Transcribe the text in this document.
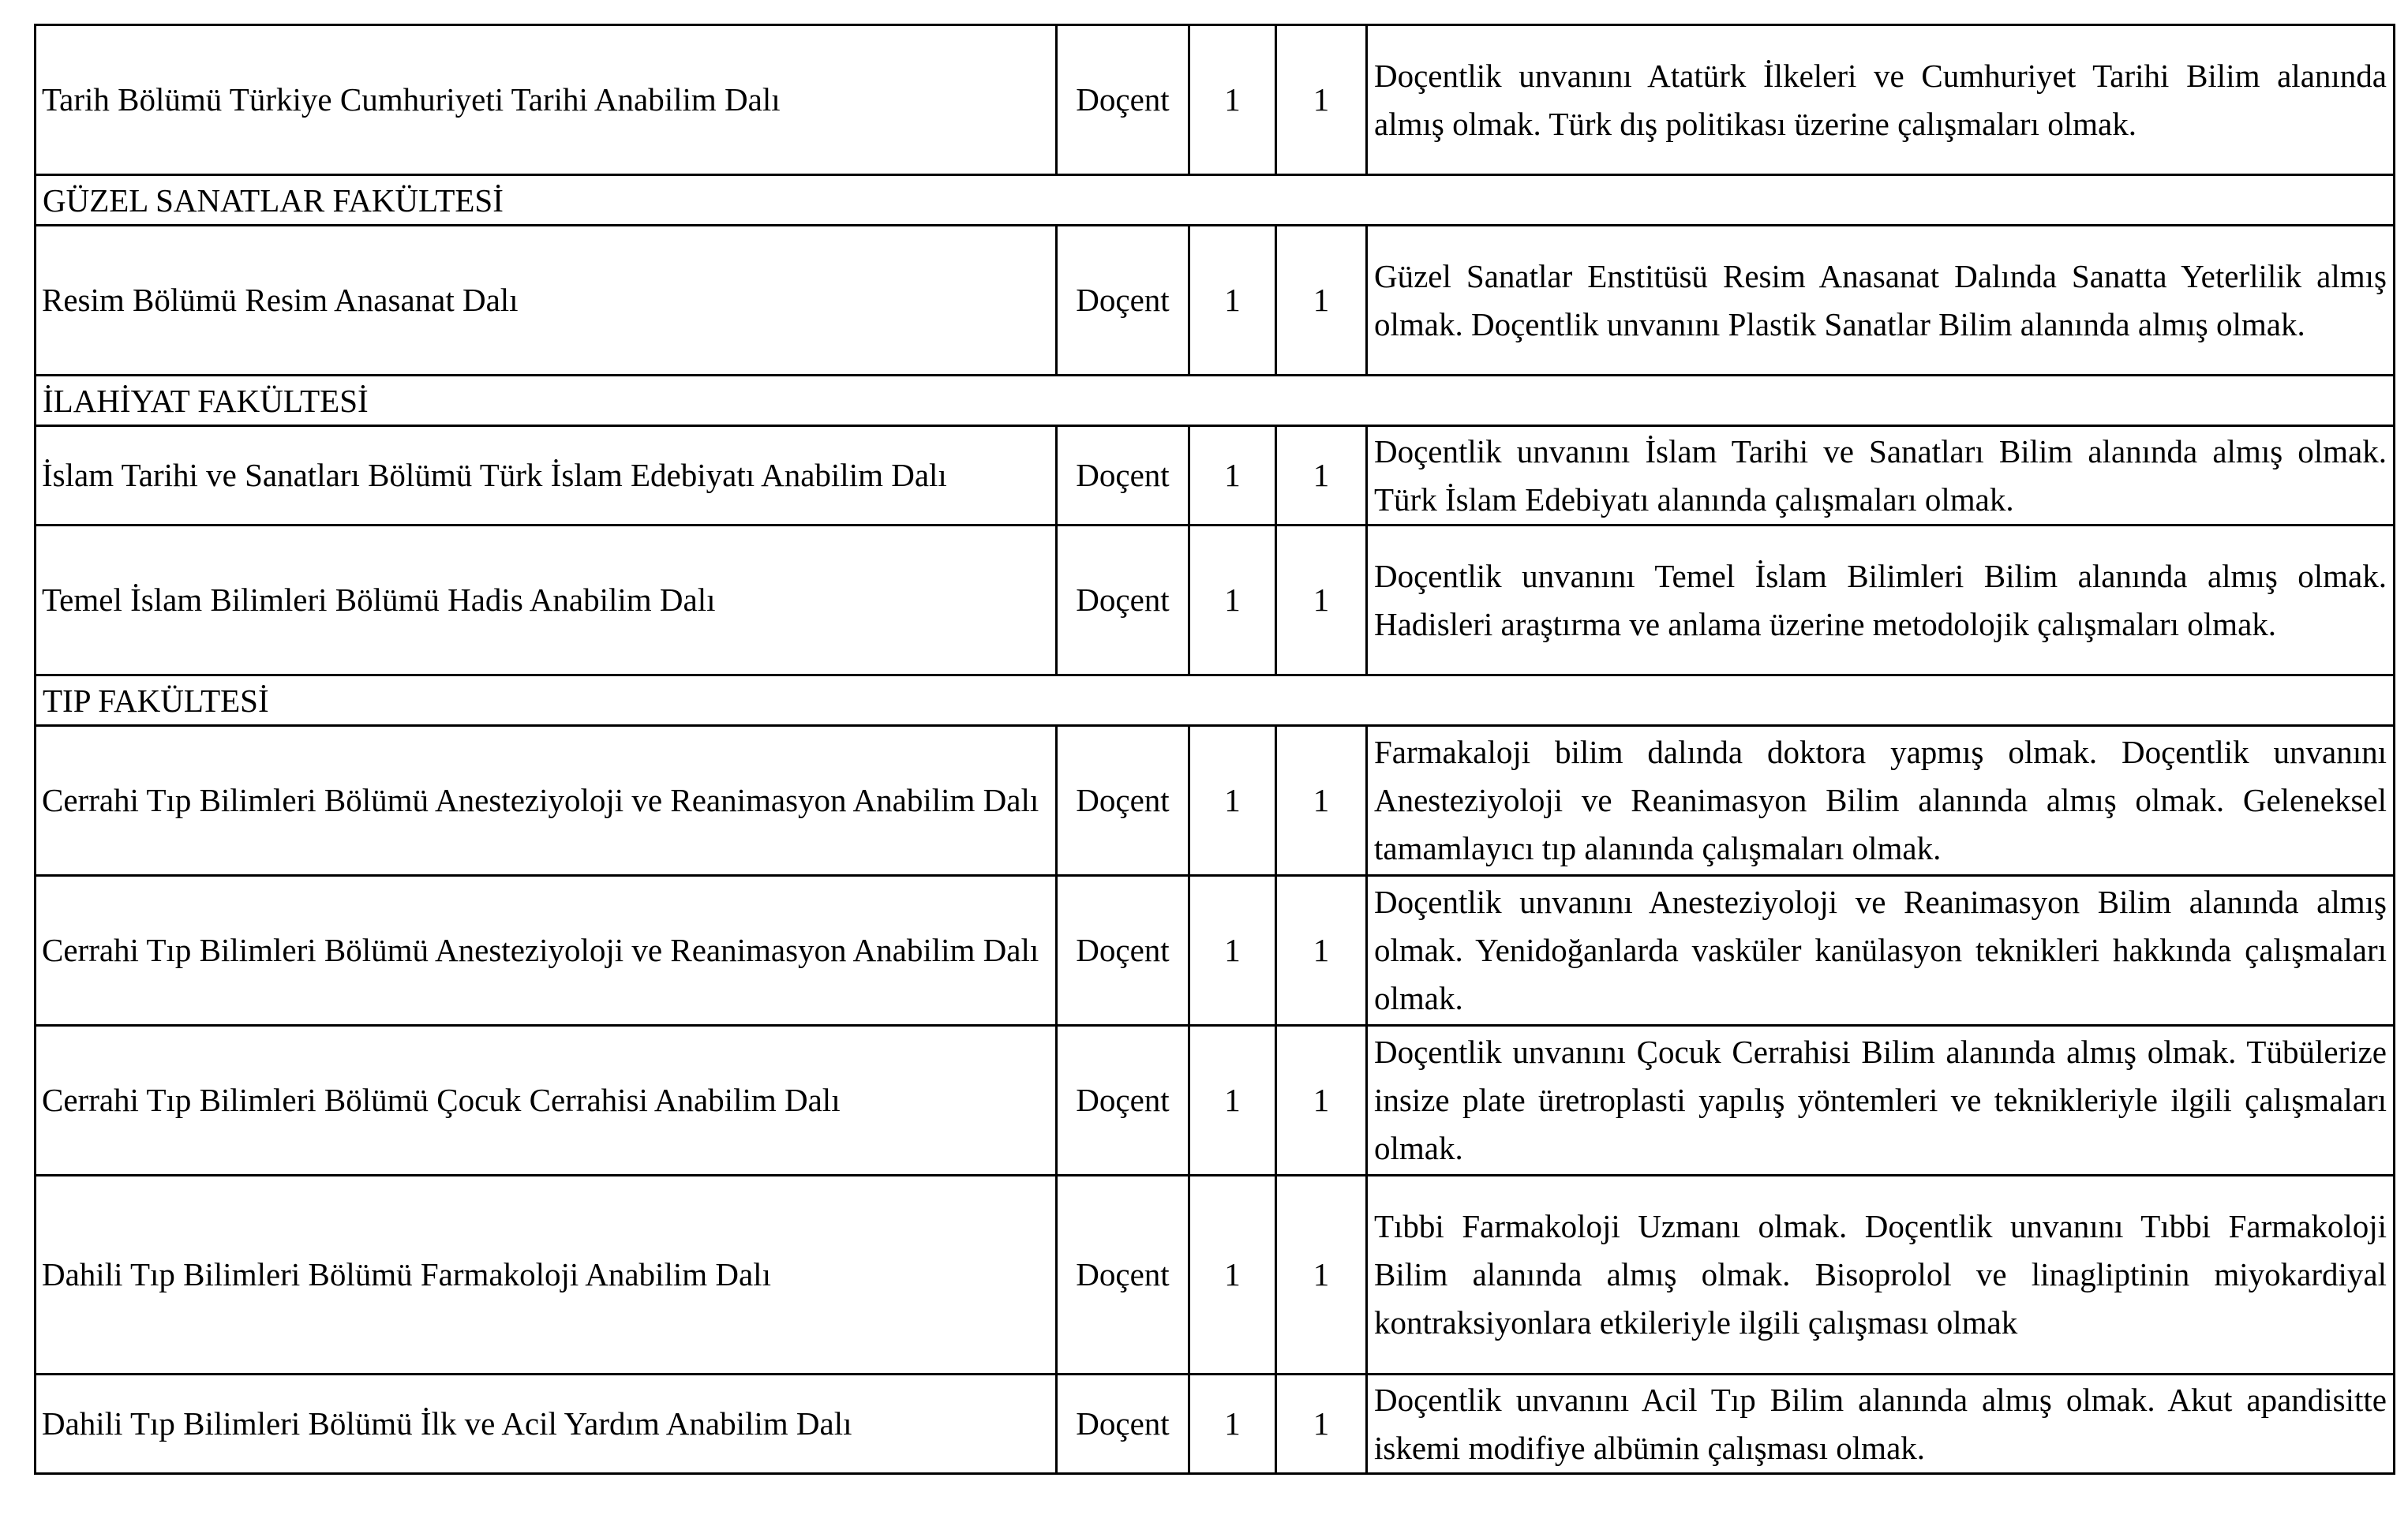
Tarih Bölümü Türkiye Cumhuriyeti Tarihi Anabilim Dalı	Doçent	1	1	Doçentlik unvanını Atatürk İlkeleri ve Cumhuriyet Tarihi Bilim alanında almış olmak. Türk dış politikası üzerine çalışmaları olmak.
GÜZEL SANATLAR FAKÜLTESİ				
Resim Bölümü Resim Anasanat Dalı	Doçent	1	1	Güzel Sanatlar Enstitüsü Resim Anasanat Dalında Sanatta Yeterlilik almış olmak. Doçentlik unvanını Plastik Sanatlar Bilim alanında almış olmak.
İLAHİYAT FAKÜLTESİ				
İslam Tarihi ve Sanatları Bölümü Türk İslam Edebiyatı Anabilim Dalı	Doçent	1	1	Doçentlik unvanını İslam Tarihi ve Sanatları Bilim alanında almış olmak. Türk İslam Edebiyatı alanında çalışmaları olmak.
Temel İslam Bilimleri Bölümü Hadis Anabilim Dalı	Doçent	1	1	Doçentlik unvanını Temel İslam Bilimleri Bilim alanında almış olmak. Hadisleri araştırma ve anlama üzerine metodolojik çalışmaları olmak.
TIP FAKÜLTESİ				
Cerrahi Tıp Bilimleri Bölümü Anesteziyoloji ve Reanimasyon Anabilim Dalı	Doçent	1	1	Farmakaloji bilim dalında doktora yapmış olmak. Doçentlik unvanını Anesteziyoloji ve Reanimasyon Bilim alanında almış olmak. Geleneksel tamamlayıcı tıp alanında çalışmaları olmak.
Cerrahi Tıp Bilimleri Bölümü Anesteziyoloji ve Reanimasyon Anabilim Dalı	Doçent	1	1	Doçentlik unvanını Anesteziyoloji ve Reanimasyon Bilim alanında almış olmak. Yenidoğanlarda vasküler kanülasyon teknikleri hakkında çalışmaları olmak.
Cerrahi Tıp Bilimleri Bölümü Çocuk Cerrahisi Anabilim Dalı	Doçent	1	1	Doçentlik unvanını Çocuk Cerrahisi Bilim alanında almış olmak. Tübülerize insize plate üretroplasti yapılış yöntemleri ve teknikleriyle ilgili çalışmaları olmak.
Dahili Tıp Bilimleri Bölümü Farmakoloji Anabilim Dalı	Doçent	1	1	Tıbbi Farmakoloji Uzmanı olmak. Doçentlik unvanını Tıbbi Farmakoloji Bilim alanında almış olmak. Bisoprolol ve linagliptinin miyokardiyal kontraksiyonlara etkileriyle ilgili çalışması olmak
Dahili Tıp Bilimleri Bölümü İlk ve Acil Yardım Anabilim Dalı	Doçent	1	1	Doçentlik unvanını Acil Tıp Bilim alanında almış olmak. Akut apandisitte iskemi modifiye albümin çalışması olmak.
